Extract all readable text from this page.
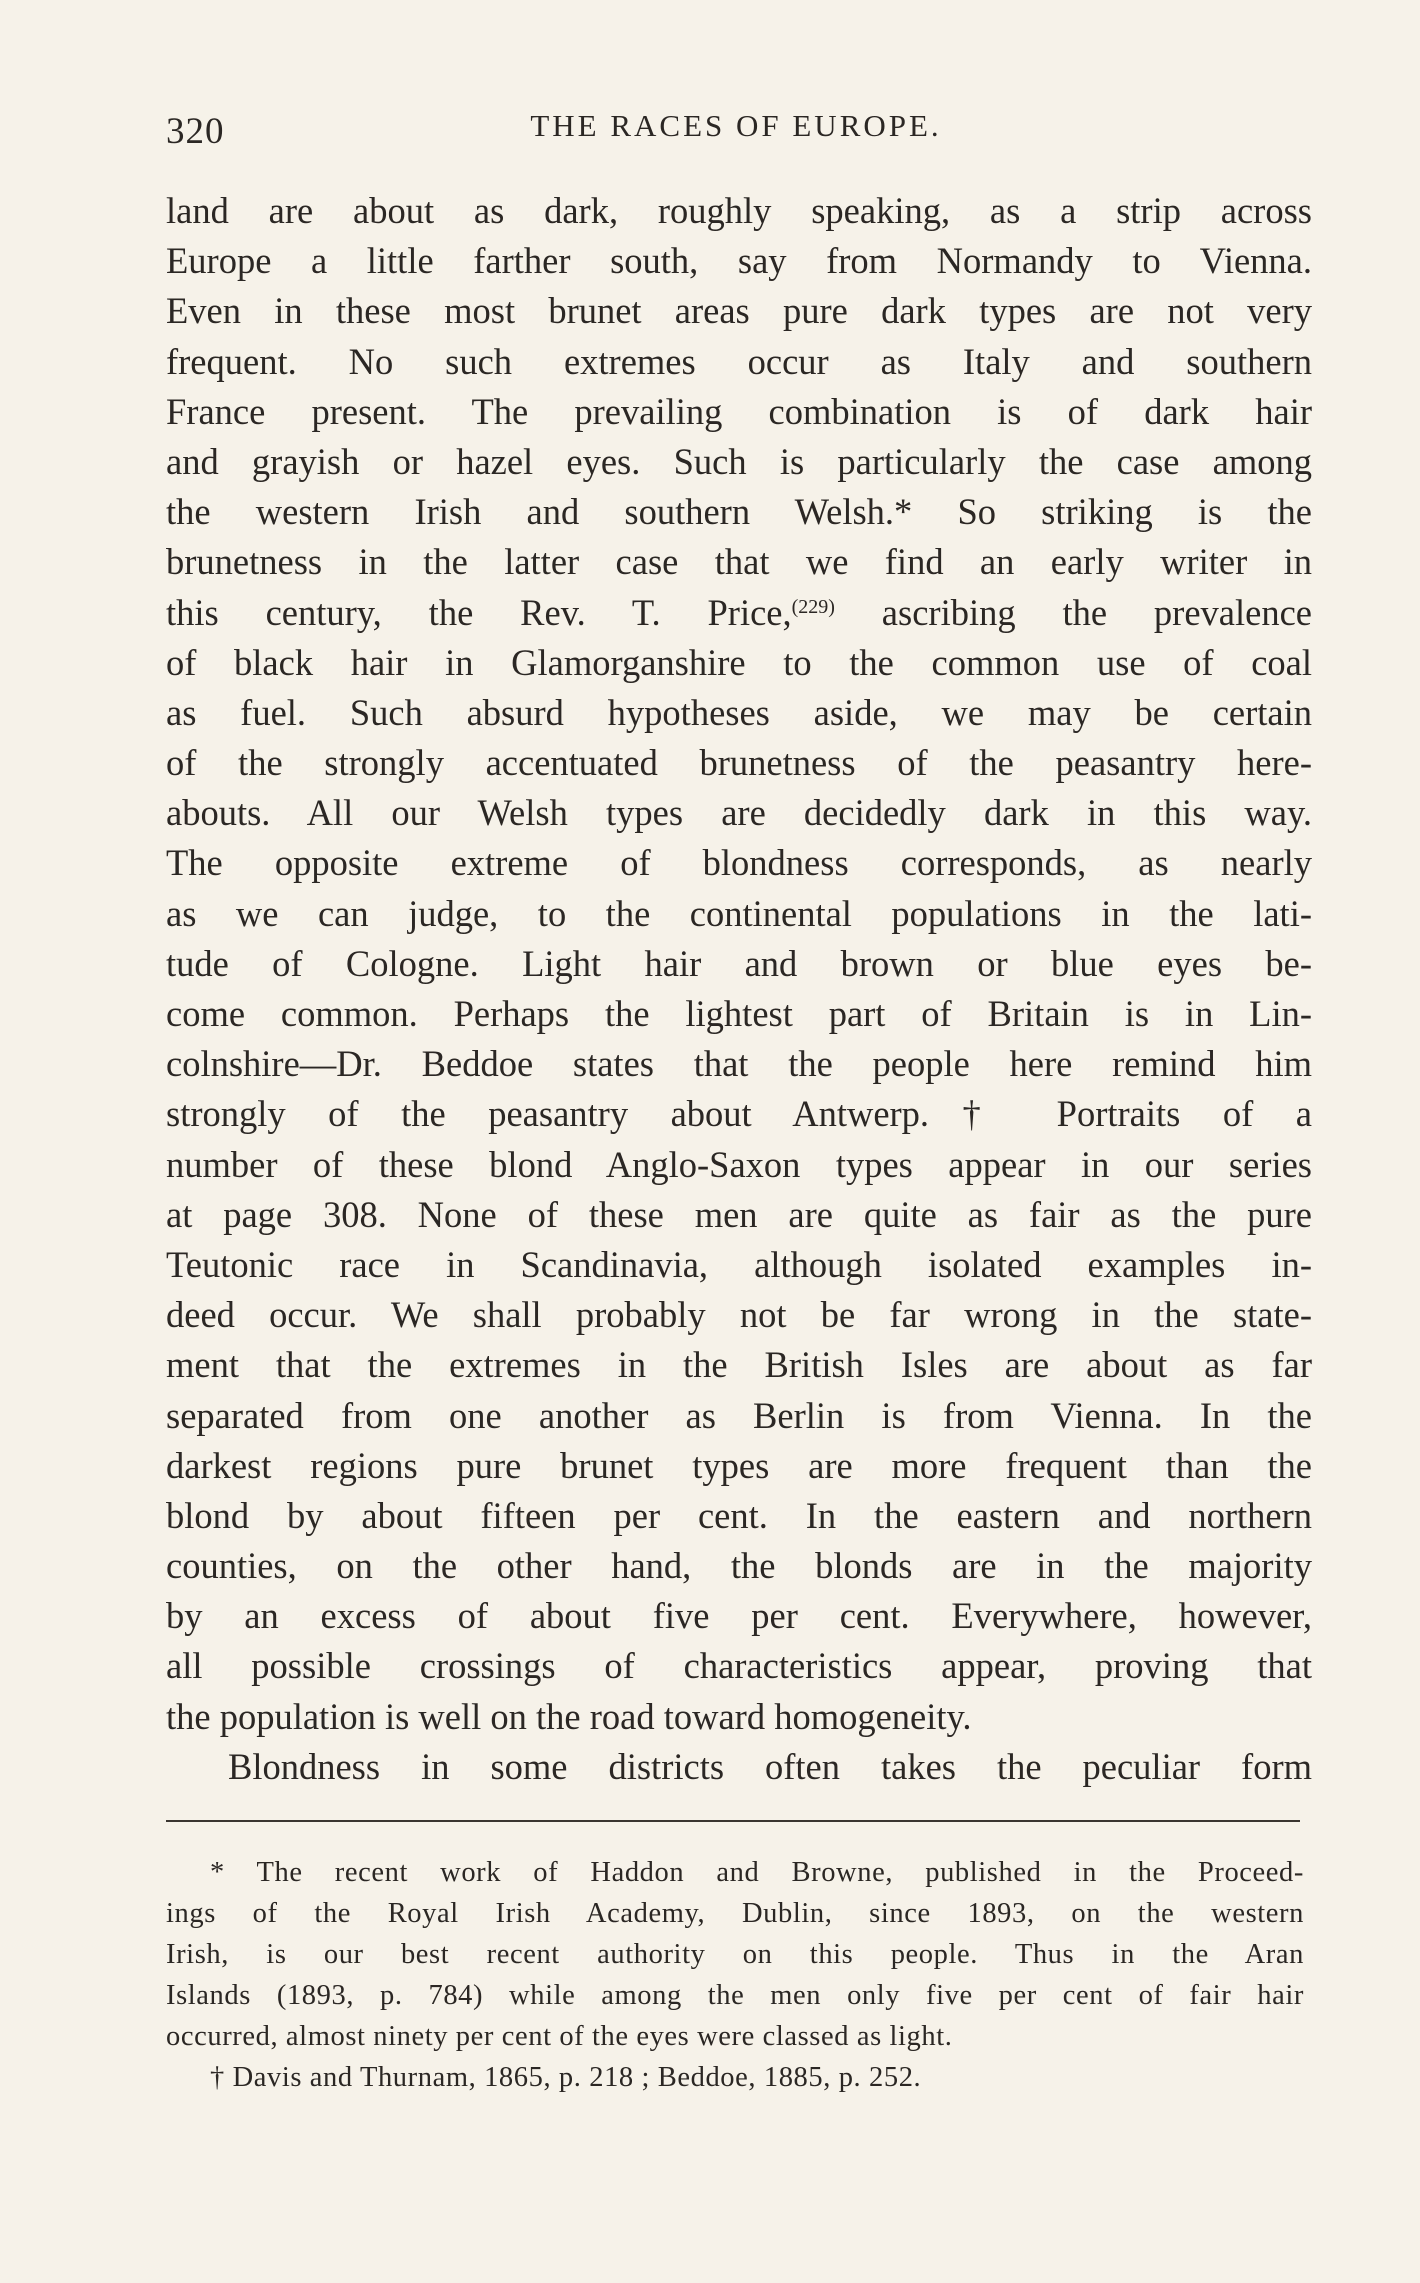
320	THE RACES OF EUROPE.
land are about as dark, roughly speaking, as a strip across
Europe a little farther south, say from Normandy to Vienna.
Even in these most brunet areas pure dark types are not very
frequent. No such extremes occur as Italy and southern
France present. The prevailing combination is of dark hair
and grayish or hazel eyes. Such is particularly the case among
the western Irish and southern Welsh.* So striking is the
brunetness in the latter case that we find an early writer in
this century, the Rev. T. Price,$^{(229)}$ ascribing the prevalence
of black hair in Glamorganshire to the common use of coal
as fuel. Such absurd hypotheses aside, we may be certain
of the strongly accentuated brunetness of the peasantry here-
abouts. All our Welsh types are decidedly dark in this way.
The opposite extreme of blondness corresponds, as nearly
as we can judge, to the continental populations in the lati-
tude of Cologne. Light hair and brown or blue eyes be-
come common. Perhaps the lightest part of Britain is in Lin-
colnshire—Dr. Beddoe states that the people here remind him
strongly of the peasantry about Antwerp.† Portraits of a
number of these blond Anglo-Saxon types appear in our series
at page 308. None of these men are quite as fair as the pure
Teutonic race in Scandinavia, although isolated examples in-
deed occur. We shall probably not be far wrong in the state-
ment that the extremes in the British Isles are about as far
separated from one another as Berlin is from Vienna. In the
darkest regions pure brunet types are more frequent than the
blond by about fifteen per cent. In the eastern and northern
counties, on the other hand, the blonds are in the majority
by an excess of about five per cent. Everywhere, however,
all possible crossings of characteristics appear, proving that
the population is well on the road toward homogeneity.
Blondness in some districts often takes the peculiar form
* The recent work of Haddon and Browne, published in the Proceed-
ings of the Royal Irish Academy, Dublin, since 1893, on the western
Irish, is our best recent authority on this people. Thus in the Aran
Islands (1893, p. 784) while among the men only five per cent of fair hair
occurred, almost ninety per cent of the eyes were classed as light.
† Davis and Thurnam, 1865, p. 218 ; Beddoe, 1885, p. 252.
